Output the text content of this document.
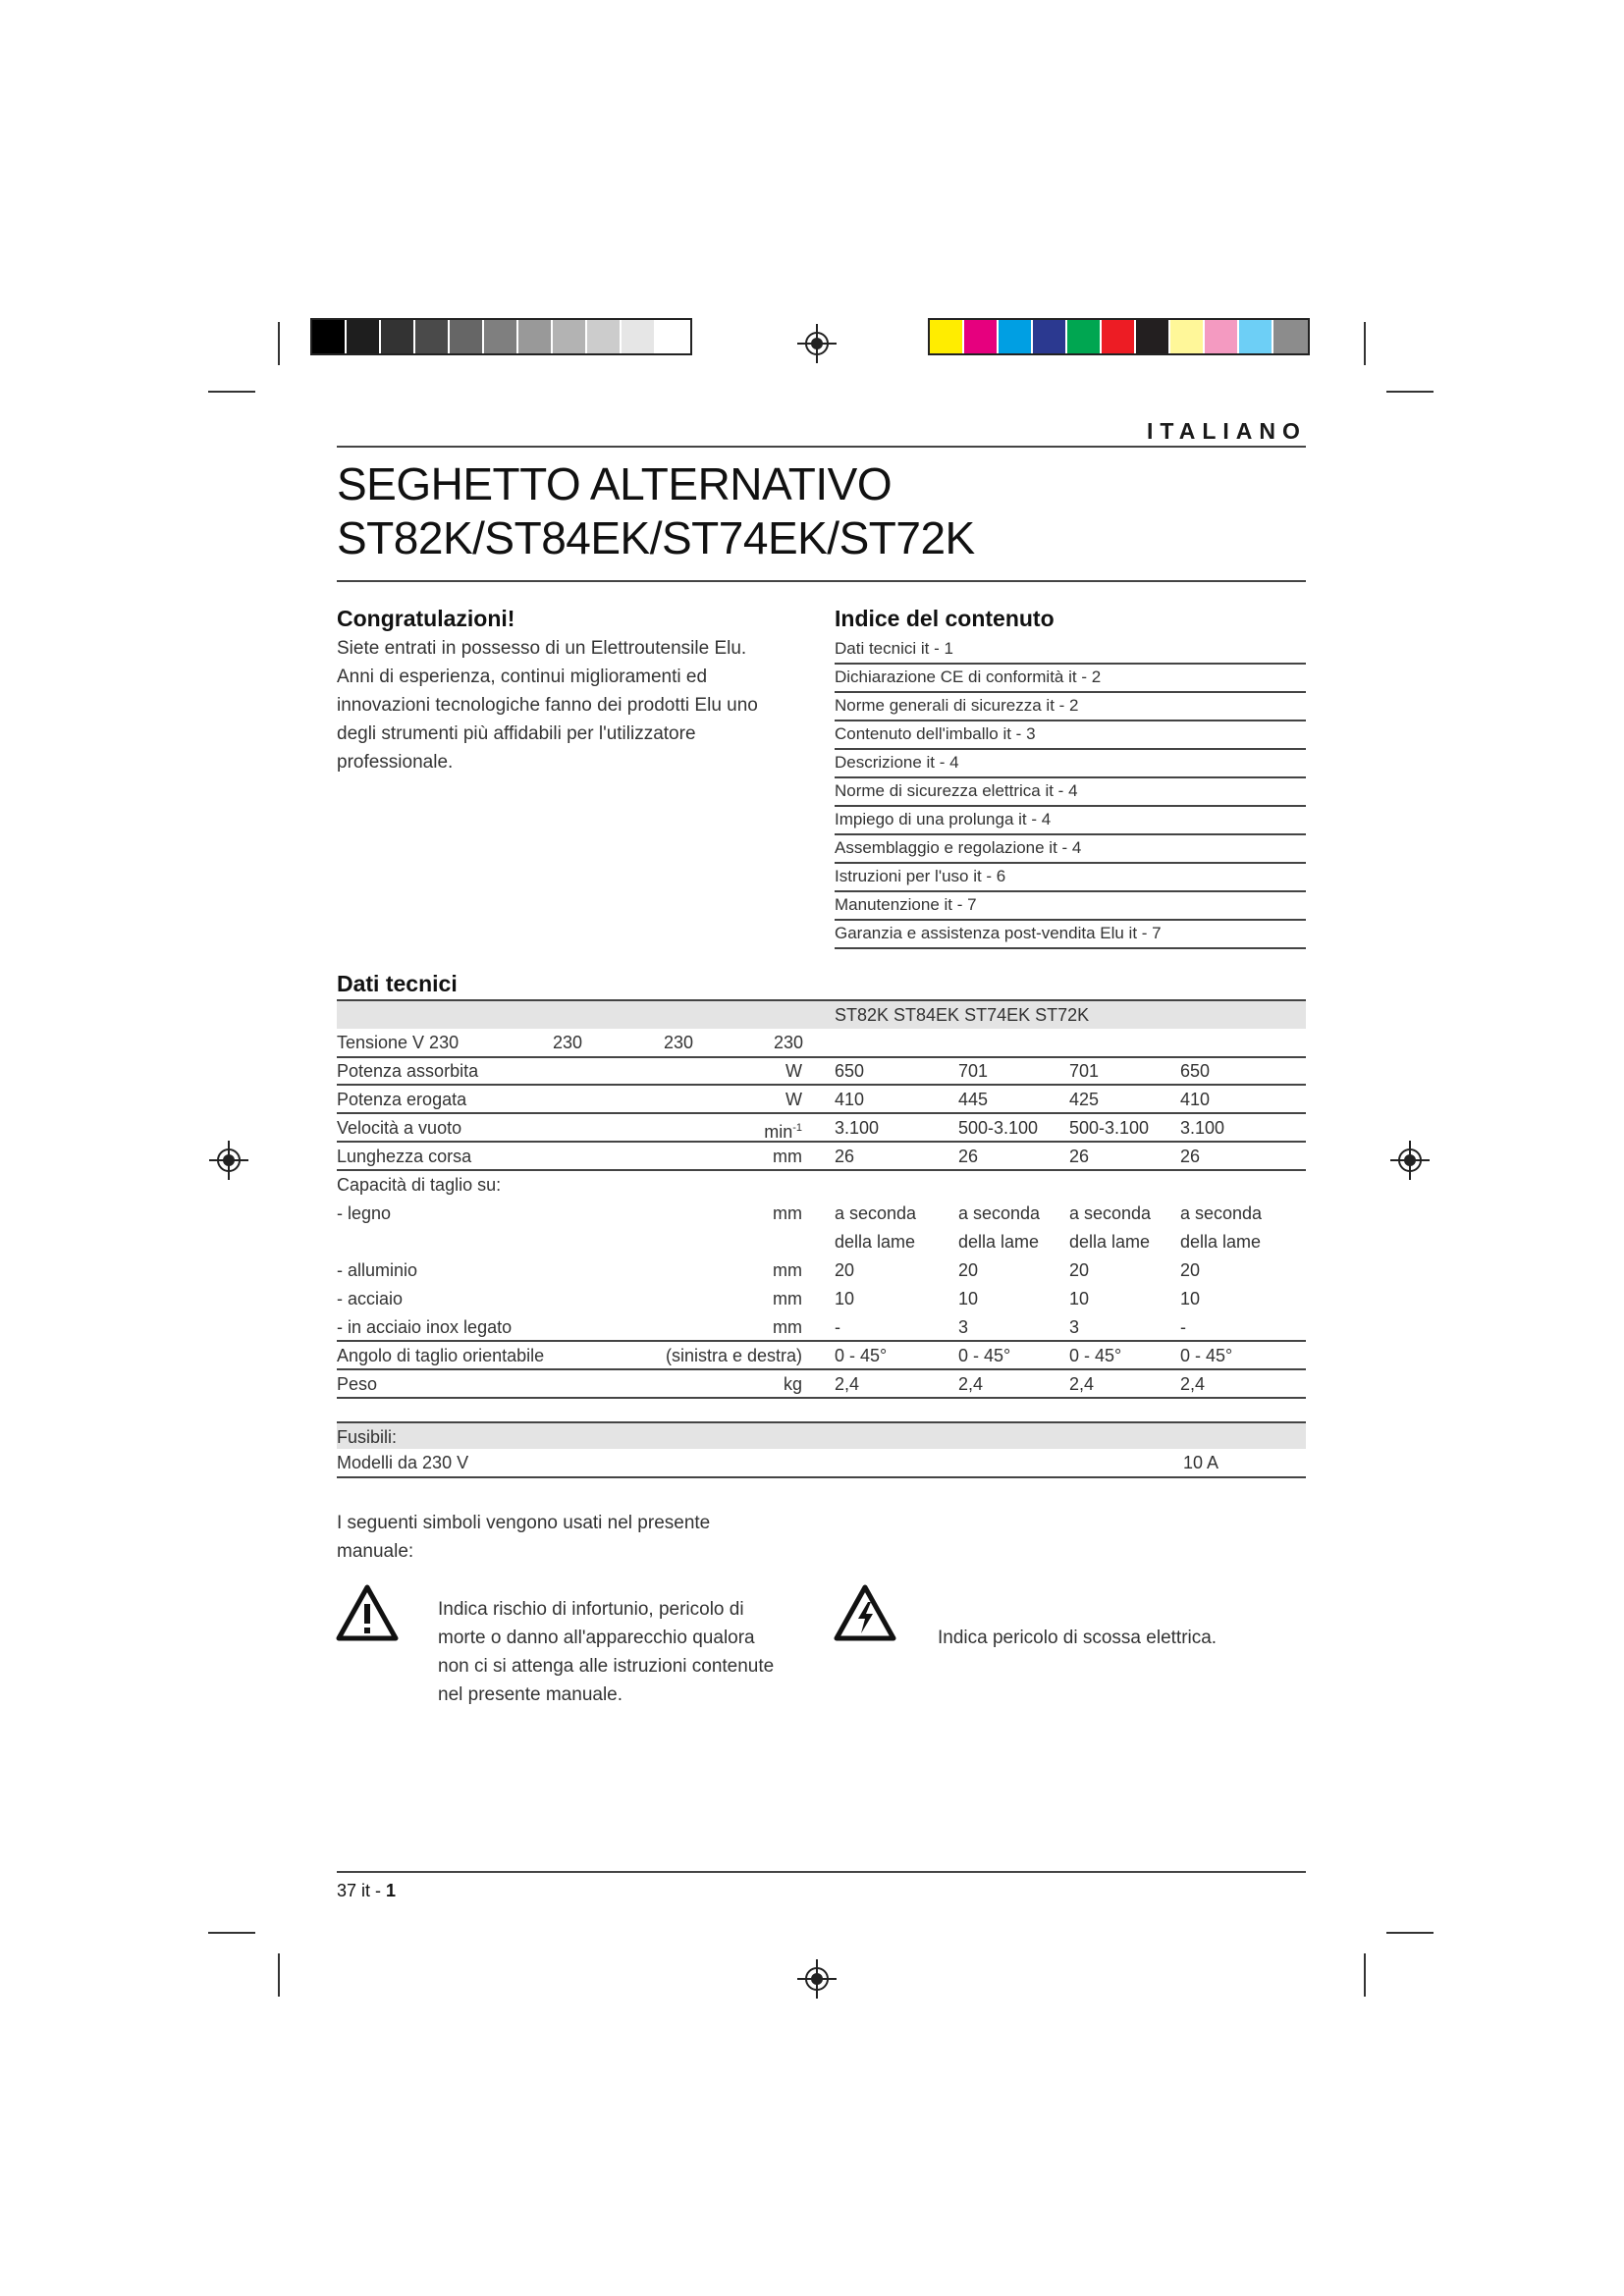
ITALIANO
SEGHETTO ALTERNATIVO
ST82K/ST84EK/ST74EK/ST72K
Congratulazioni!
Siete entrati in possesso di un Elettroutensile Elu.
Anni di esperienza, continui miglioramenti ed
innovazioni tecnologiche fanno dei prodotti Elu uno
degli strumenti più affidabili per l'utilizzatore
professionale.
Indice del contenuto
Dati tecnici it - 1
Dichiarazione CE di conformità it - 2
Norme generali di sicurezza it - 2
Contenuto dell'imballo it - 3
Descrizione it - 4
Norme di sicurezza elettrica it - 4
Impiego di una prolunga it - 4
Assemblaggio e regolazione it - 4
Istruzioni per l'uso it - 6
Manutenzione it - 7
Garanzia e assistenza post-vendita Elu it - 7
Dati tecnici
ST82K ST84EK ST74EK ST72K
Tensione V 230	230	230	230
Potenza assorbita	W 650	701	701	650
Potenza erogata	W 410	445	425	410
Velocità a vuoto	$\min^{-1} 3.100$	500-3.100 500-3.100 3.100
Lunghezza corsa	mm 26	26	26	26
Capacità di taglio su:
- legno	mm a seconda a seconda a seconda a seconda
della lame della lame della lame della lame
- alluminio	mm 20	20	20	20
- acciaio	mm 10	10	10	10
- in acciaio inox legato	mm -	3	3	-
Angolo di taglio orientabile	(sinistra e destra) 0 - 45°	0 - 45°	0 - 45°	0 - 45°
Peso	kg 2,4	2,4	2,4	2,4
Fusibili:
Modelli da 230 V	10 A
I seguenti simboli vengono usati nel presente
manuale:
Indica rischio di infortunio, pericolo di
morte o danno all'apparecchio qualora
non ci si attenga alle istruzioni contenute
nel presente manuale.
Indica pericolo di scossa elettrica.
37 it - 1
